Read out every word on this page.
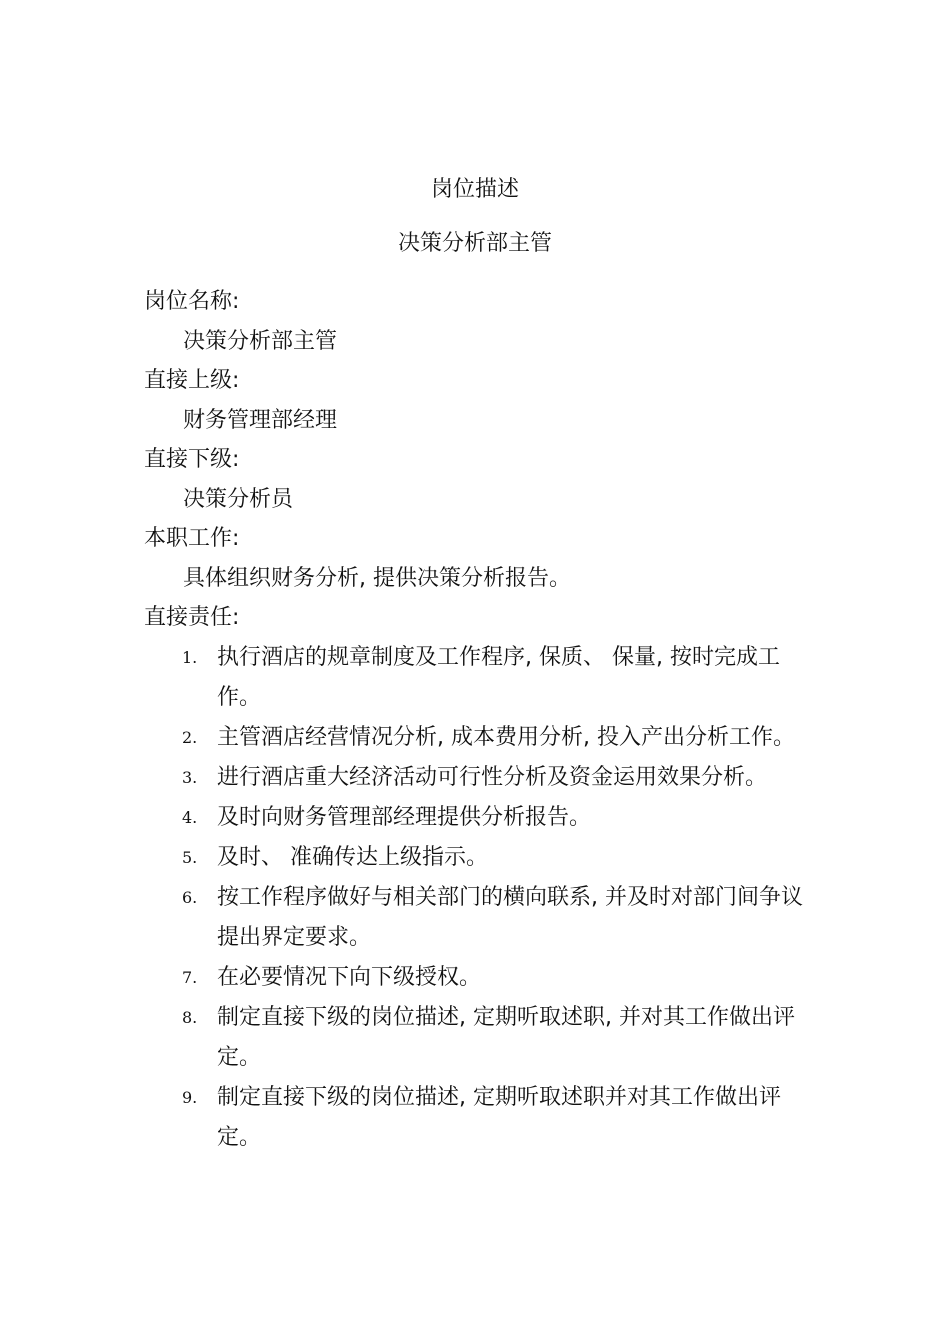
岗位描述
决策分析部主管

岗位名称:

决策分析部主管

直接上级:

财务管理部经理

直接下级:

决策分析员

本职工作:

具体组织财务分析, 提供决策分析报告。

直接责任:

1. 执行酒店的规章制度及工作程序, 保质、 保量, 按时完成工作。
2. 主管酒店经营情况分析, 成本费用分析, 投入产出分析工作。
3. 进行酒店重大经济活动可行性分析及资金运用效果分析。
4. 及时向财务管理部经理提供分析报告。
5. 及时、 准确传达上级指示。
6. 按工作程序做好与相关部门的横向联系, 并及时对部门间争议提出界定要求。
7. 在必要情况下向下级授权。
8. 制定直接下级的岗位描述, 定期听取述职, 并对其工作做出评定。
9. 制定直接下级的岗位描述, 定期听取述职并对其工作做出评定。
